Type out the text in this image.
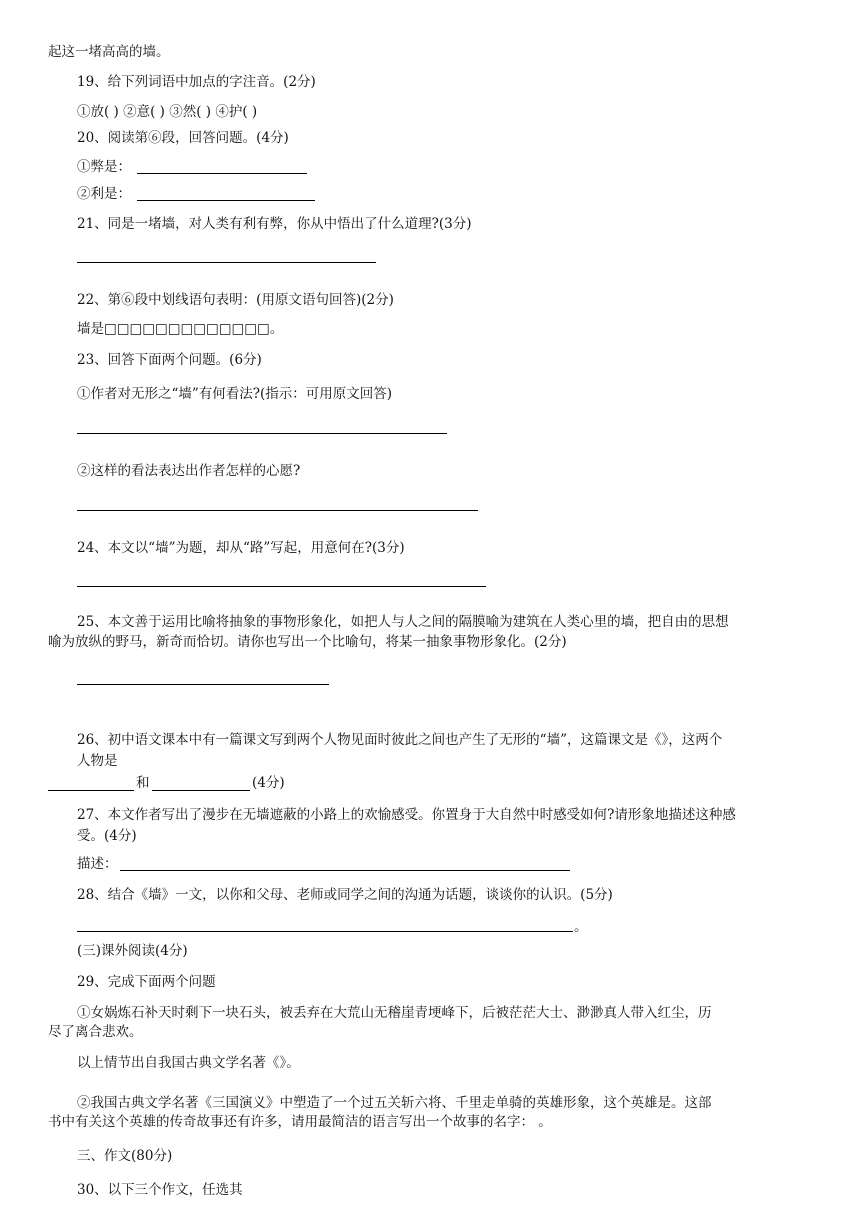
起这一堵高高的墙。
19、给下列词语中加点的字注音。(2分)
①放( ) ②意( ) ③然( ) ④护( )
20、阅读第⑥段，回答问题。(4分)
①弊是：
②利是：
21、同是一堵墙，对人类有利有弊，你从中悟出了什么道理?(3分)
22、第⑥段中划线语句表明：(用原文语句回答)(2分)
墙是□□□□□□□□□□□□□。
23、回答下面两个问题。(6分)
①作者对无形之“墙”有何看法?(指示：可用原文回答)
②这样的看法表达出作者怎样的心愿?
24、本文以“墙”为题，却从“路”写起，用意何在?(3分)
25、本文善于运用比喻将抽象的事物形象化，如把人与人之间的隔膜喻为建筑在人类心里的墙，把自由的思想
喻为放纵的野马，新奇而恰切。请你也写出一个比喻句，将某一抽象事物形象化。(2分)
26、初中语文课本中有一篇课文写到两个人物见面时彼此之间也产生了无形的“墙”，这篇课文是《》，这两个
人物是
和	(4分)
27、本文作者写出了漫步在无墙遮蔽的小路上的欢愉感受。你置身于大自然中时感受如何?请形象地描述这种感
受。(4分)
描述：
28、结合《墙》一文，以你和父母、老师或同学之间的沟通为话题，谈谈你的认识。(5分)
。
(三)课外阅读(4分)
29、完成下面两个问题
①女娲炼石补天时剩下一块石头，被丢弃在大荒山无稽崖青埂峰下，后被茫茫大士、渺渺真人带入红尘，历
尽了离合悲欢。
以上情节出自我国古典文学名著《》。
②我国古典文学名著《三国演义》中塑造了一个过五关斩六将、千里走单骑的英雄形象，这个英雄是。这部
书中有关这个英雄的传奇故事还有许多，请用最简洁的语言写出一个故事的名字： 。
三、作文(80分)
30、以下三个作文，任选其
